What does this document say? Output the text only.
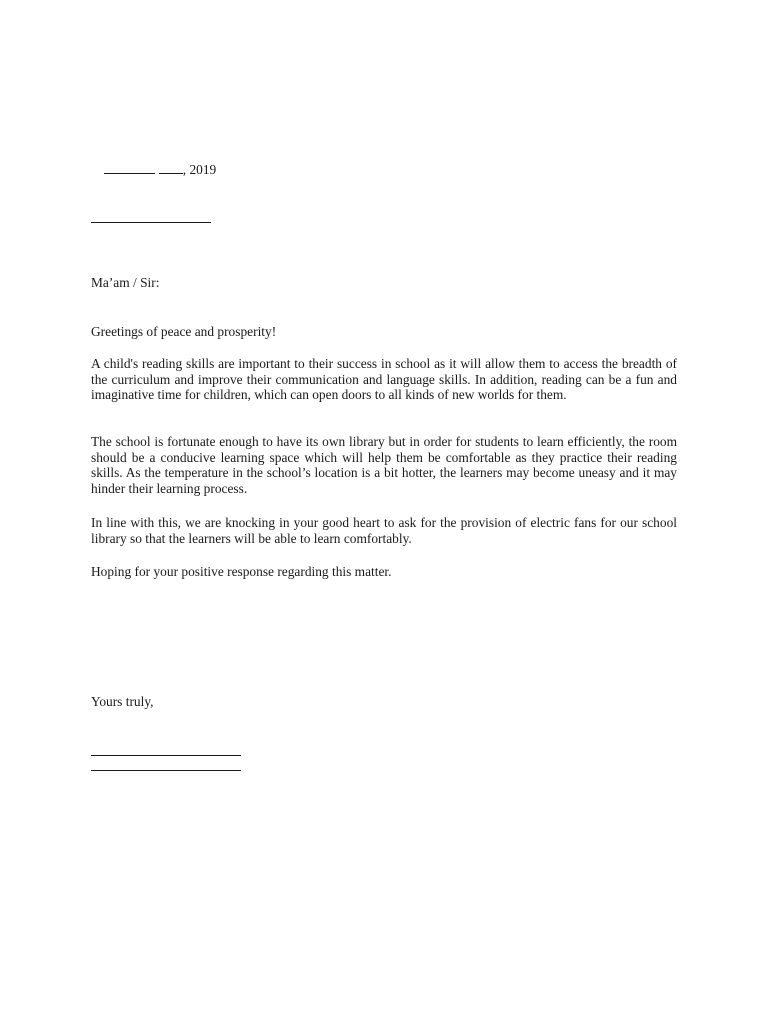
, 2019

Ma’am / Sir:
Greetings of peace and prosperity!
A child's reading skills are important to their success in school as it will allow them to access the breadth of the curriculum and improve their communication and language skills. In addition, reading can be a fun and imaginative time for children, which can open doors to all kinds of new worlds for them.
The school is fortunate enough to have its own library but in order for students to learn efficiently, the room should be a conducive learning space which will help them be comfortable as they practice their reading skills. As the temperature in the school’s location is a bit hotter, the learners may become uneasy and it may hinder their learning process.
In line with this, we are knocking in your good heart to ask for the provision of electric fans for our school library so that the learners will be able to learn comfortably.
Hoping for your positive response regarding this matter.
Yours truly,
